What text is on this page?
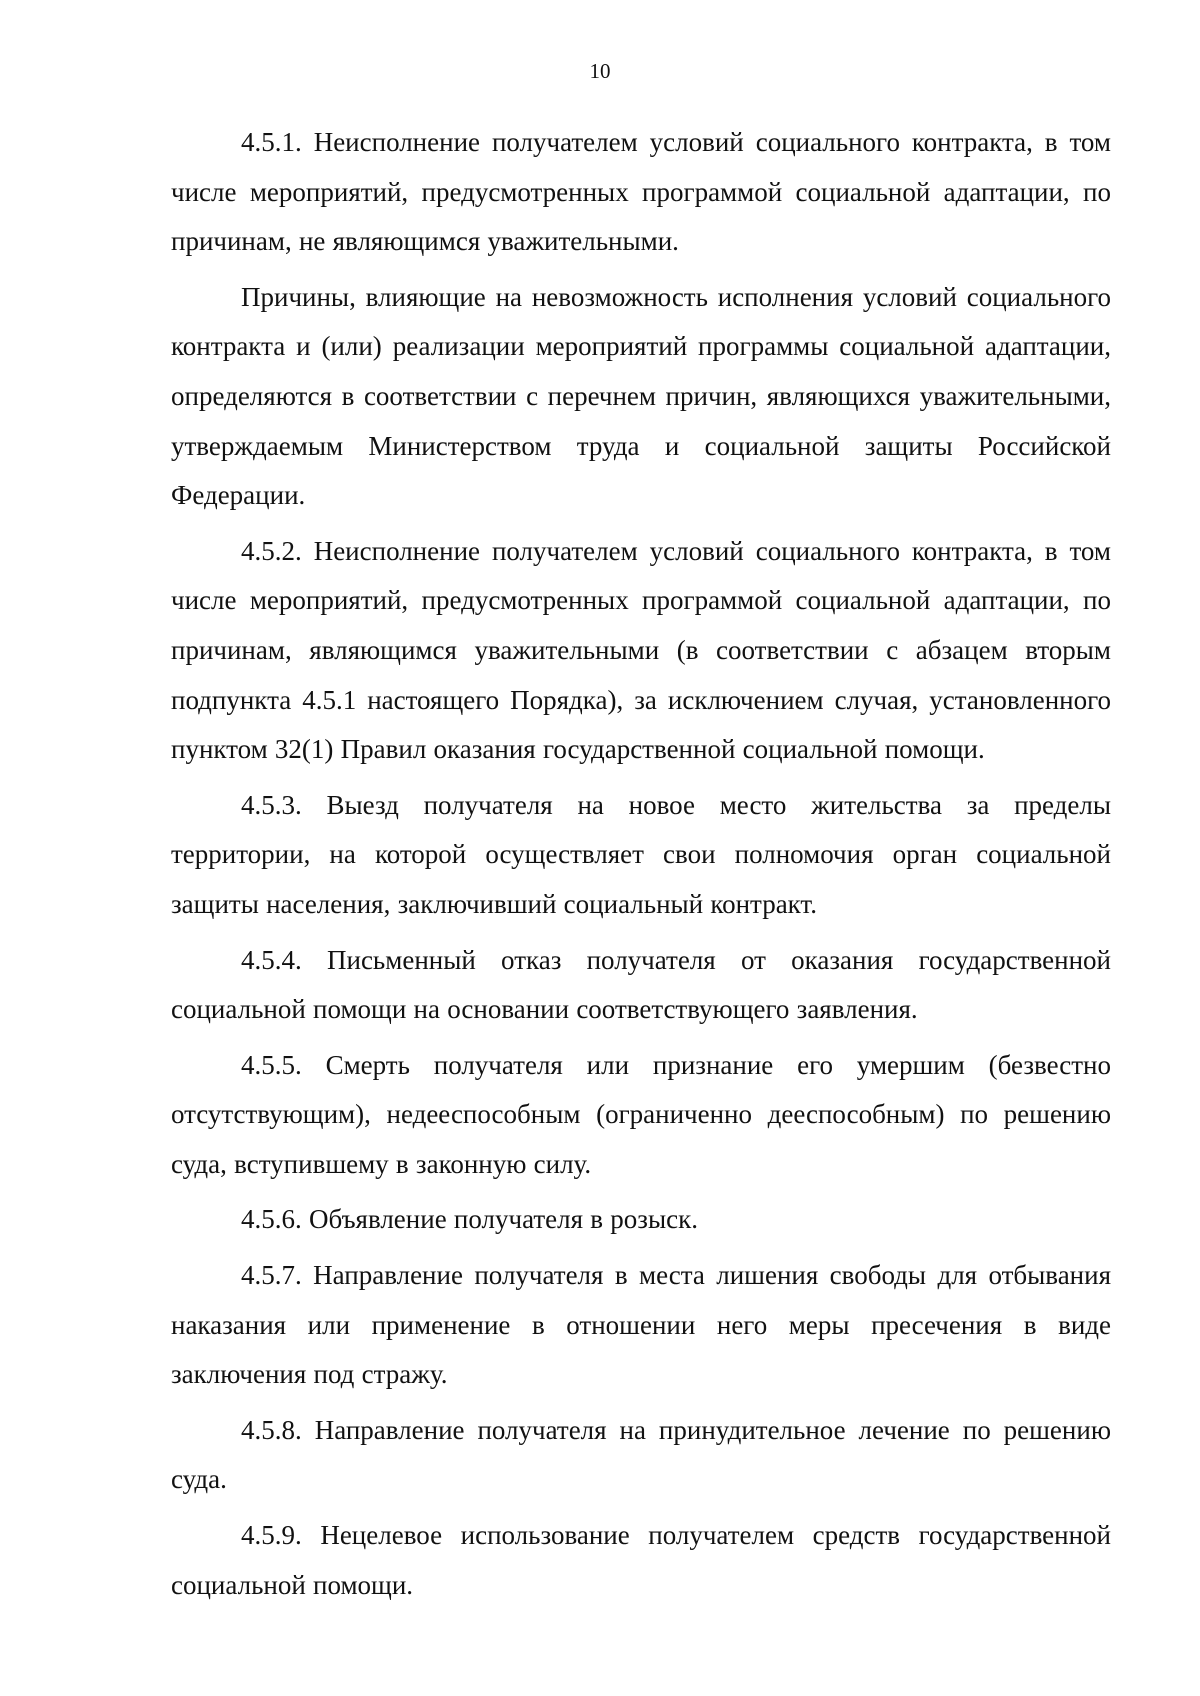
10

4.5.1. Неисполнение получателем условий социального контракта, в том числе мероприятий, предусмотренных программой социальной адаптации, по причинам, не являющимся уважительными.

Причины, влияющие на невозможность исполнения условий социального контракта и (или) реализации мероприятий программы социальной адаптации, определяются в соответствии с перечнем причин, являющихся уважительными, утверждаемым Министерством труда и социальной защиты Российской Федерации.

4.5.2. Неисполнение получателем условий социального контракта, в том числе мероприятий, предусмотренных программой социальной адаптации, по причинам, являющимся уважительными (в соответствии с абзацем вторым подпункта 4.5.1 настоящего Порядка), за исключением случая, установленного пунктом 32(1) Правил оказания государственной социальной помощи.

4.5.3. Выезд получателя на новое место жительства за пределы территории, на которой осуществляет свои полномочия орган социальной защиты населения, заключивший социальный контракт.

4.5.4. Письменный отказ получателя от оказания государственной социальной помощи на основании соответствующего заявления.

4.5.5. Смерть получателя или признание его умершим (безвестно отсутствующим), недееспособным (ограниченно дееспособным) по решению суда, вступившему в законную силу.

4.5.6. Объявление получателя в розыск.

4.5.7. Направление получателя в места лишения свободы для отбывания наказания или применение в отношении него меры пресечения в виде заключения под стражу.

4.5.8. Направление получателя на принудительное лечение по решению суда.

4.5.9. Нецелевое использование получателем средств государственной социальной помощи.
